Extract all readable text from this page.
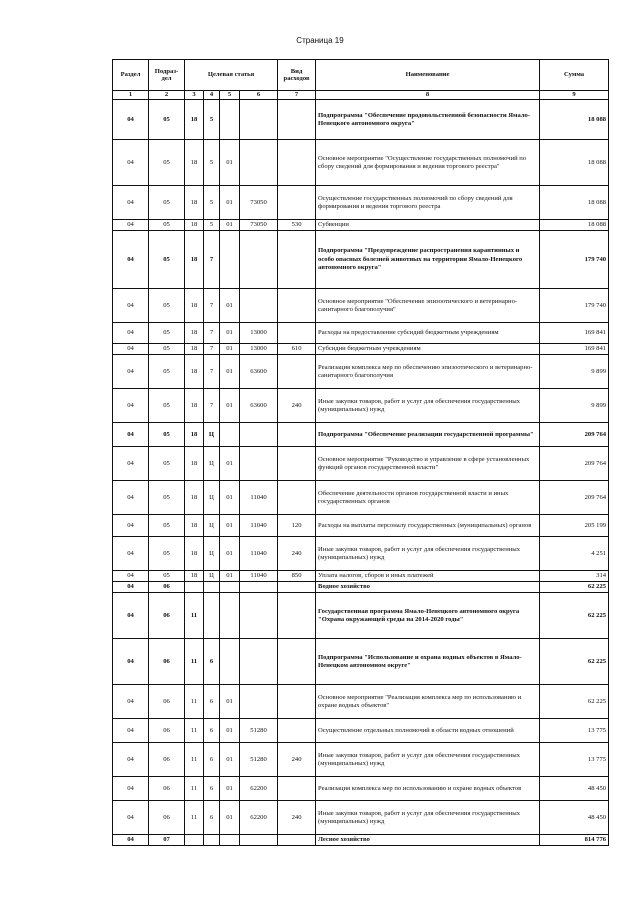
Страница 19
Раздел	Подраз-дел	Целевая статья				Вид расходов	Наименование	Сумма
1	2	3	4	5	6	7	8	9
04	05	18	5				Подпрограмма "Обеспечение продовольственной безопасности Ямало-Ненецкого автономного округа"	18 088
04	05	18	5	01			Основное мероприятие "Осуществление государственных полномочий по сбору сведений для формирования и ведения торгового реестра"	18 088
04	05	18	5	01	73050		Осуществление государственных полномочий по сбору сведений для формирования и ведения торгового реестра	18 088
04	05	18	5	01	73050	530	Субвенции	18 088
04	05	18	7				Подпрограмма "Предупреждение распространения карантинных и особо опасных болезней животных на территории Ямало-Ненецкого автономного округа"	179 740
04	05	18	7	01			Основное мероприятие "Обеспечение эпизоотического и ветеринарно-санитарного благополучия"	179 740
04	05	18	7	01	13000		Расходы на предоставление субсидий бюджетным учреждениям	169 841
04	05	18	7	01	13000	610	Субсидии бюджетным учреждениям	169 841
04	05	18	7	01	63600		Реализация комплекса мер по обеспечению эпизоотического и ветеринарно-санитарного благополучия	9 899
04	05	18	7	01	63600	240	Иные закупки товаров, работ и услуг для обеспечения государственных (муниципальных) нужд	9 899
04	05	18	Ц				Подпрограмма "Обеспечение реализации государственной программы"	209 764
04	05	18	Ц	01			Основное мероприятие "Руководство и управление в сфере установленных функций органов государственной власти"	209 764
04	05	18	Ц	01	11040		Обеспечение деятельности органов государственной власти и иных государственных органов	209 764
04	05	18	Ц	01	11040	120	Расходы на выплаты персоналу государственных (муниципальных) органов	205 199
04	05	18	Ц	01	11040	240	Иные закупки товаров, работ и услуг для обеспечения государственных (муниципальных) нужд	4 251
04	05	18	Ц	01	11040	850	Уплата налогов, сборов и иных платежей	314
04	06						Водное хозяйство	62 225
04	06	11					Государственная программа Ямало-Ненецкого автономного округа "Охрана окружающей среды на 2014-2020 годы"	62 225
04	06	11	6				Подпрограмма "Использование и охрана водных объектов в Ямало-Ненецком автономном округе"	62 225
04	06	11	6	01			Основное мероприятие "Реализация комплекса мер по использованию и охране водных объектов"	62 225
04	06	11	6	01	51280		Осуществление отдельных полномочий в области водных отношений	13 775
04	06	11	6	01	51280	240	Иные закупки товаров, работ и услуг для обеспечения государственных (муниципальных) нужд	13 775
04	06	11	6	01	62200		Реализация комплекса мер по использованию и охране водных объектов	48 450
04	06	11	6	01	62200	240	Иные закупки товаров, работ и услуг для обеспечения государственных (муниципальных) нужд	48 450
04	07						Лесное хозяйство	814 776
